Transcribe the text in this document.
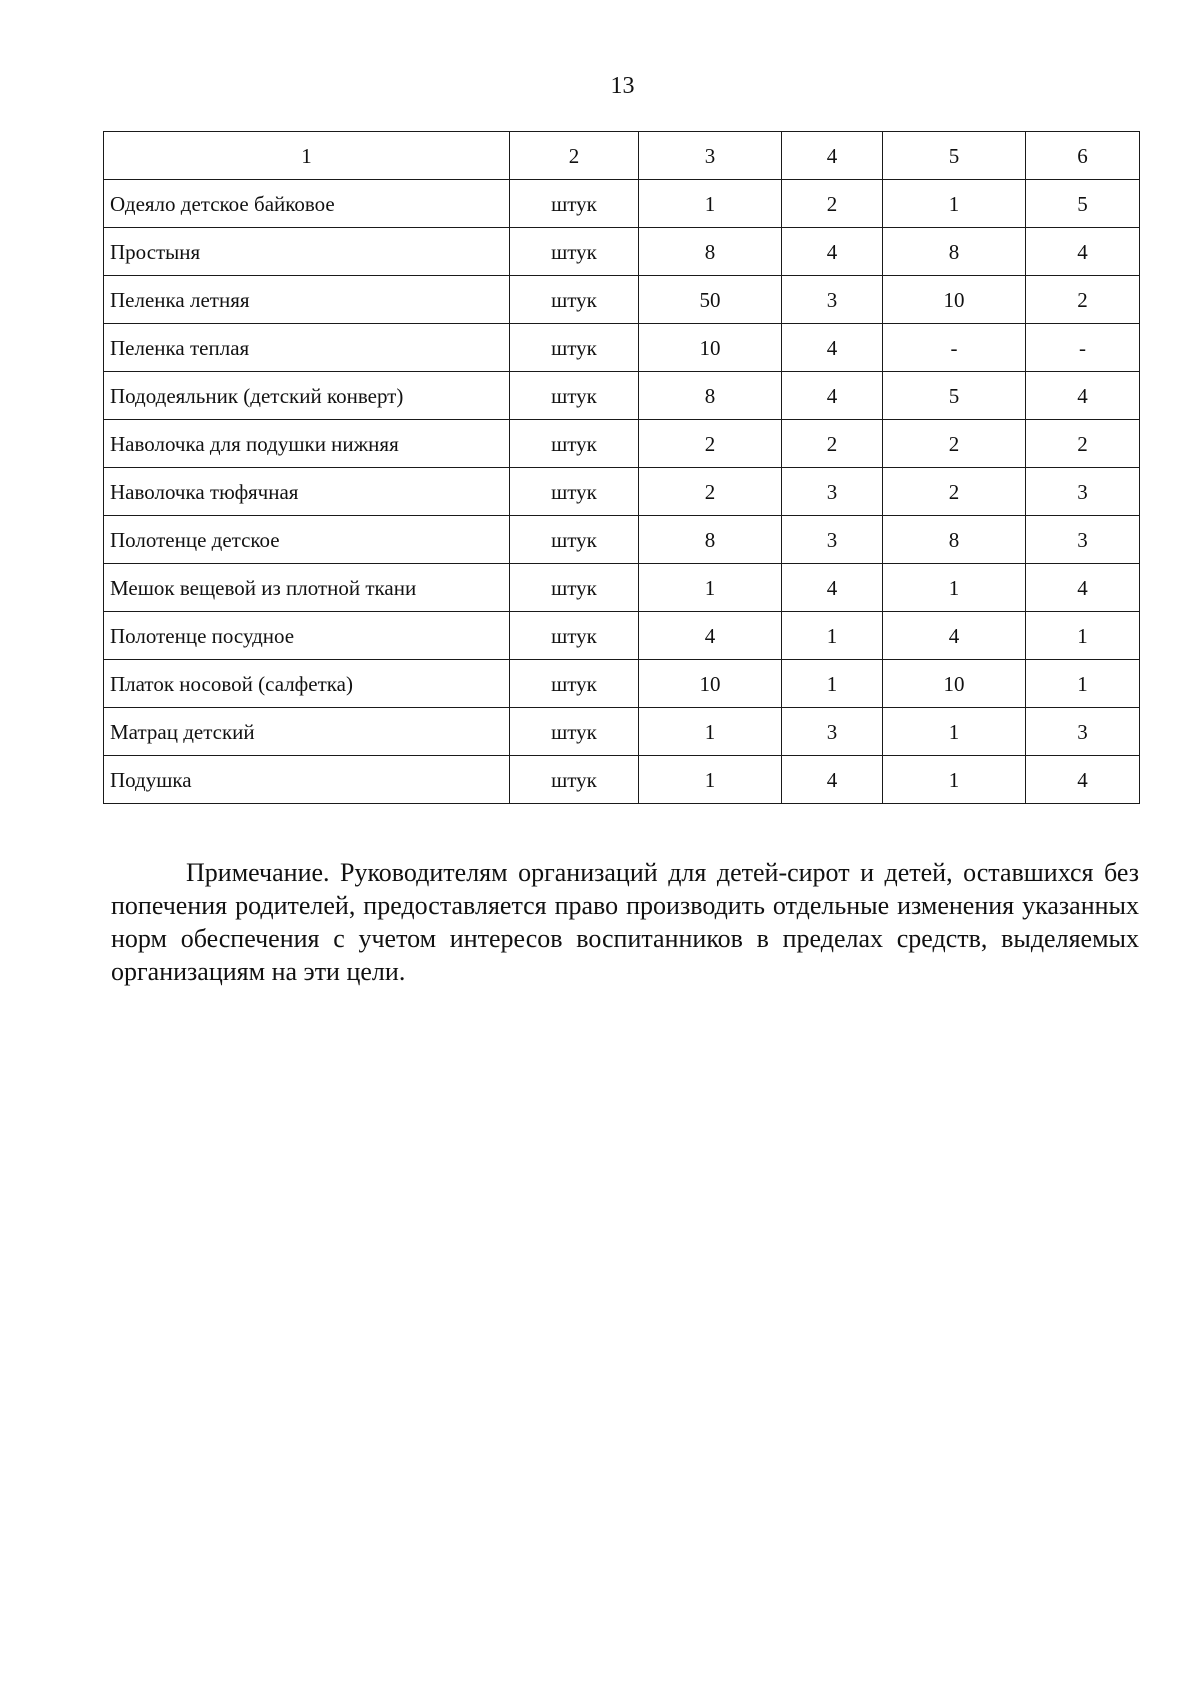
13
1	2	3	4	5	6
Одеяло детское байковое	штук	1	2	1	5
Простыня	штук	8	4	8	4
Пеленка летняя	штук	50	3	10	2
Пеленка теплая	штук	10	4	-	-
Пододеяльник (детский конверт)	штук	8	4	5	4
Наволочка для подушки нижняя	штук	2	2	2	2
Наволочка тюфячная	штук	2	3	2	3
Полотенце детское	штук	8	3	8	3
Мешок вещевой из плотной ткани	штук	1	4	1	4
Полотенце посудное	штук	4	1	4	1
Платок носовой (салфетка)	штук	10	1	10	1
Матрац детский	штук	1	3	1	3
Подушка	штук	1	4	1	4

Примечание. Руководителям организаций для детей-сирот и детей, оставшихся без попечения родителей, предоставляется право производить отдельные изменения указанных норм обеспечения с учетом интересов воспитанников в пределах средств, выделяемых организациям на эти цели.
